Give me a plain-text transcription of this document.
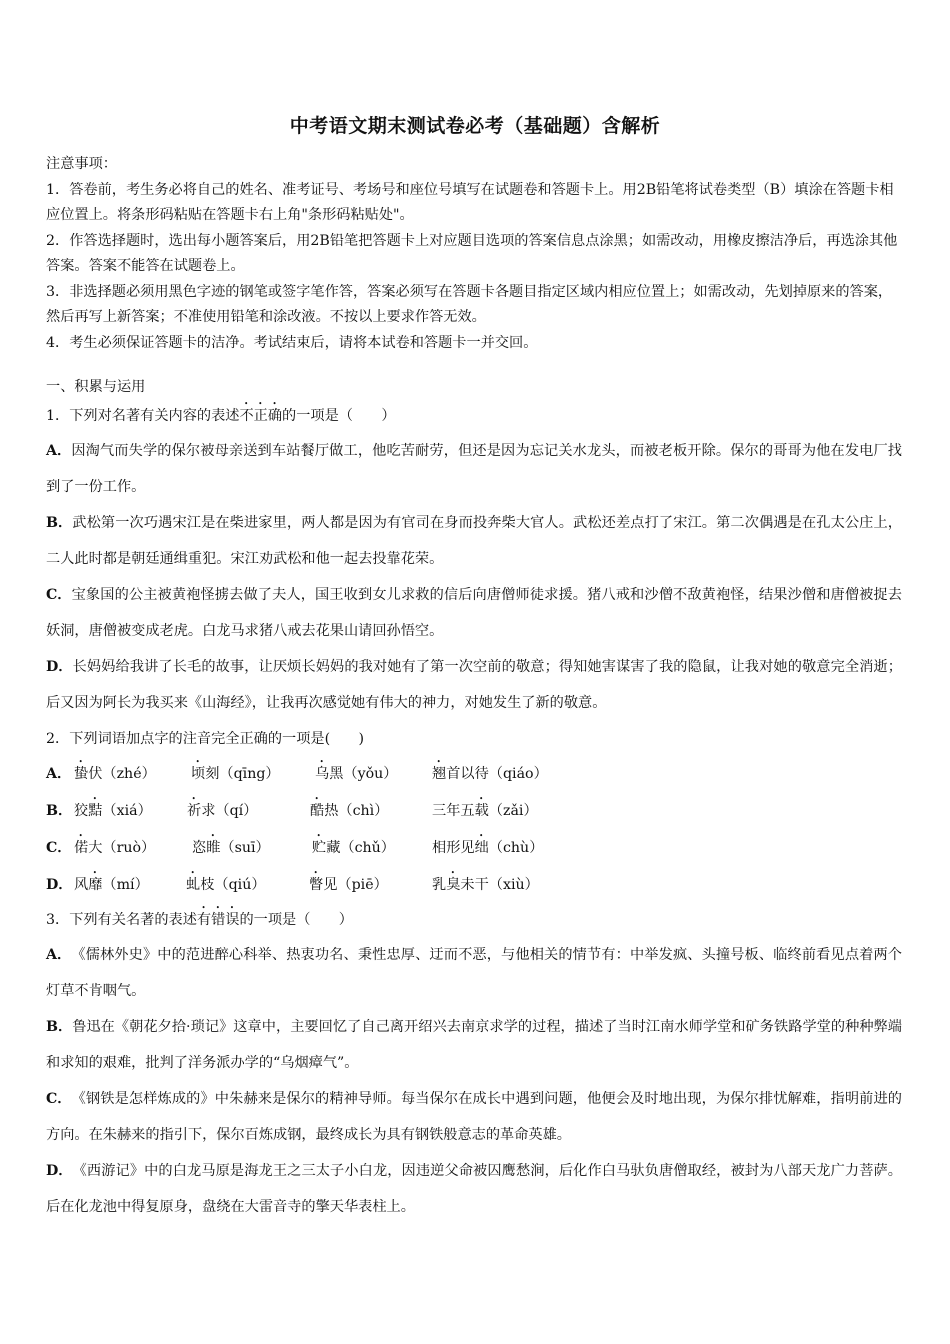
中考语文期末测试卷必考（基础题）含解析

注意事项：

1．答卷前，考生务必将自己的姓名、准考证号、考场号和座位号填写在试题卷和答题卡上。用2B铅笔将试卷类型（B）填涂在答题卡相应位置上。将条形码粘贴在答题卡右上角"条形码粘贴处"。

2．作答选择题时，选出每小题答案后，用2B铅笔把答题卡上对应题目选项的答案信息点涂黑；如需改动，用橡皮擦洁净后，再选涂其他答案。答案不能答在试题卷上。

3．非选择题必须用黑色字迹的钢笔或签字笔作答，答案必须写在答题卡各题目指定区域内相应位置上；如需改动，先划掉原来的答案，然后再写上新答案；不准使用铅笔和涂改液。不按以上要求作答无效。

4．考生必须保证答题卡的洁净。考试结束后，请将本试卷和答题卡一并交回。

一、积累与运用

1．下列对名著有关内容的表述不正确的一项是（　　）

A．因淘气而失学的保尔被母亲送到车站餐厅做工，他吃苦耐劳，但还是因为忘记关水龙头，而被老板开除。保尔的哥哥为他在发电厂找到了一份工作。

B．武松第一次巧遇宋江是在柴进家里，两人都是因为有官司在身而投奔柴大官人。武松还差点打了宋江。第二次偶遇是在孔太公庄上，二人此时都是朝廷通缉重犯。宋江劝武松和他一起去投靠花荣。

C．宝象国的公主被黄袍怪掳去做了夫人，国王收到女儿求救的信后向唐僧师徒求援。猪八戒和沙僧不敌黄袍怪，结果沙僧和唐僧被捉去妖洞，唐僧被变成老虎。白龙马求猪八戒去花果山请回孙悟空。

D．长妈妈给我讲了长毛的故事，让厌烦长妈妈的我对她有了第一次空前的敬意；得知她害谋害了我的隐鼠，让我对她的敬意完全消逝；后又因为阿长为我买来《山海经》，让我再次感觉她有伟大的神力，对她发生了新的敬意。

2．下列词语加点字的注音完全正确的一项是(　　)

A． 蛰伏（zhé） 顷刻（qīng） 乌黑（yǒu） 翘首以待（qiáo）
B． 狡黠（xiá） 祈求（qí）	酷热（chì）	三年五载（zǎi）
C． 偌大（ruò）	恣睢（suī）	贮藏（chǔ）	相形见绌（chù）
D． 风靡（mí）	虬枝（qiú）	瞥见（piē）	乳臭未干（xiù）

3．下列有关名著的表述有错误的一项是（　　）

A．《儒林外史》中的范进醉心科举、热衷功名、秉性忠厚、迂而不恶，与他相关的情节有：中举发疯、头撞号板、临终前看见点着两个灯草不肯咽气。

B．鲁迅在《朝花夕拾·琐记》这章中，主要回忆了自己离开绍兴去南京求学的过程，描述了当时江南水师学堂和矿务铁路学堂的种种弊端和求知的艰难，批判了洋务派办学的“乌烟瘴气”。

C．《钢铁是怎样炼成的》中朱赫来是保尔的精神导师。每当保尔在成长中遇到问题，他便会及时地出现，为保尔排忧解难，指明前进的方向。在朱赫来的指引下，保尔百炼成钢，最终成长为具有钢铁般意志的革命英雄。

D．《西游记》中的白龙马原是海龙王之三太子小白龙，因违逆父命被囚鹰愁涧，后化作白马驮负唐僧取经，被封为八部天龙广力菩萨。后在化龙池中得复原身，盘绕在大雷音寺的擎天华表柱上。
